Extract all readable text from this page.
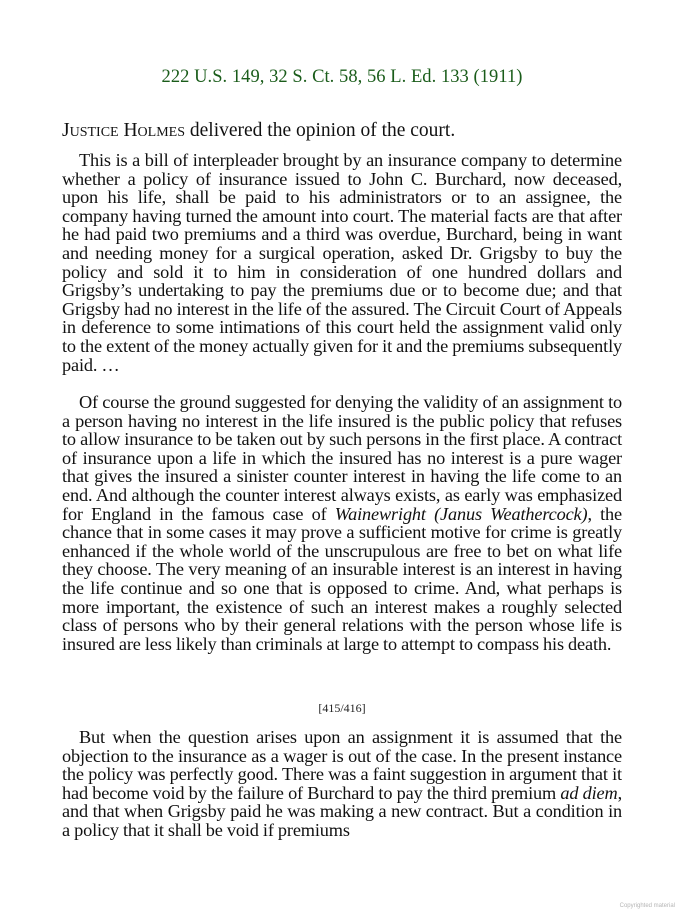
222 U.S. 149, 32 S. Ct. 58, 56 L. Ed. 133 (1911)
Justice Holmes delivered the opinion of the court.

This is a bill of interpleader brought by an insurance company to determine whether a policy of insurance issued to John C. Burchard, now deceased, upon his life, shall be paid to his administrators or to an assignee, the company having turned the amount into court. The material facts are that after he had paid two premiums and a third was overdue, Burchard, being in want and needing money for a surgical operation, asked Dr. Grigsby to buy the policy and sold it to him in consideration of one hundred dollars and Grigsby’s undertaking to pay the premiums due or to become due; and that Grigsby had no interest in the life of the assured. The Circuit Court of Appeals in deference to some intimations of this court held the assignment valid only to the extent of the money actually given for it and the premiums subsequently paid. …

Of course the ground suggested for denying the validity of an assignment to a person having no interest in the life insured is the public policy that refuses to allow insurance to be taken out by such persons in the first place. A contract of insurance upon a life in which the insured has no interest is a pure wager that gives the insured a sinister counter interest in having the life come to an end. And although the counter interest always exists, as early was emphasized for England in the famous case of Wainewright (Janus Weathercock), the chance that in some cases it may prove a sufficient motive for crime is greatly enhanced if the whole world of the unscrupulous are free to bet on what life they choose. The very meaning of an insurable interest is an interest in having the life continue and so one that is opposed to crime. And, what perhaps is more important, the existence of such an interest makes a roughly selected class of persons who by their general relations with the person whose life is insured are less likely than criminals at large to attempt to compass his death.

[415/416]

But when the question arises upon an assignment it is assumed that the objection to the insurance as a wager is out of the case. In the present instance the policy was perfectly good. There was a faint suggestion in argument that it had become void by the failure of Burchard to pay the third premium ad diem, and that when Grigsby paid he was making a new contract. But a condition in a policy that it shall be void if premiums

Copyrighted material
